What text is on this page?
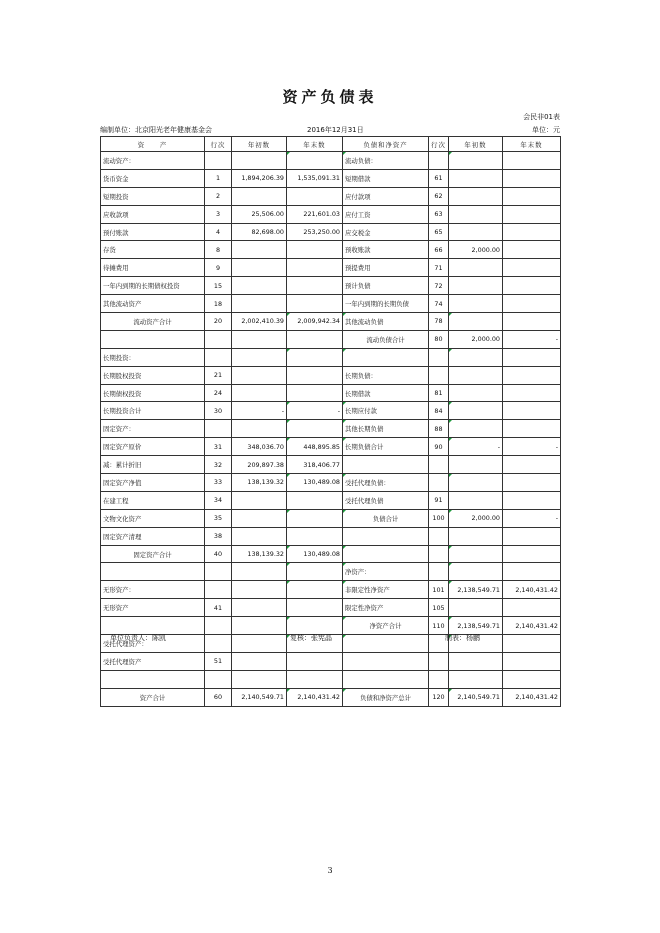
资产负债表
会民非01表
编制单位：北京阳光老年健康基金会	2016年12月31日	单位：元
资　　产	行次	年初数	年末数	负债和净资产	行次	年初数	年末数
流动资产：				流动负债：			
货币资金	1	1,894,206.39	1,535,091.31	短期借款	61		
短期投资	2			应付款项	62		
应收款项	3	25,506.00	221,601.03	应付工资	63		
预付账款	4	82,698.00	253,250.00	应交税金	65		
存货	8			预收账款	66	2,000.00	
待摊费用	9			预提费用	71		
一年内到期的长期债权投资	15			预计负债	72		
其他流动资产	18			一年内到期的长期负债	74		
流动资产合计	20	2,002,410.39	2,009,942.34	其他流动负债	78		
				流动负债合计	80	2,000.00	-
长期投资：							
长期股权投资	21			长期负债：			
长期债权投资	24			长期借款	81		
长期投资合计	30	-	-	长期应付款	84		
固定资产：				其他长期负债	88		
固定资产原价	31	348,036.70	448,895.85	长期负债合计	90	-	-
减：累计折旧	32	209,897.38	318,406.77				
固定资产净值	33	138,139.32	130,489.08	受托代理负债：			
在建工程	34			受托代理负债	91		
文物文化资产	35			负债合计	100	2,000.00	-
固定资产清理	38						
固定资产合计	40	138,139.32	130,489.08				
				净资产：			
无形资产：				非限定性净资产	101	2,138,549.71	2,140,431.42
无形资产	41			限定性净资产	105		
				净资产合计	110	2,138,549.71	2,140,431.42
受托代理资产：							
受托代理资产	51						

资产合计	60	2,140,549.71	2,140,431.42	负债和净资产总计	120	2,140,549.71	2,140,431.42
单位负责人：陈凯	复核：张宪晶	制表：杨鹏
3
